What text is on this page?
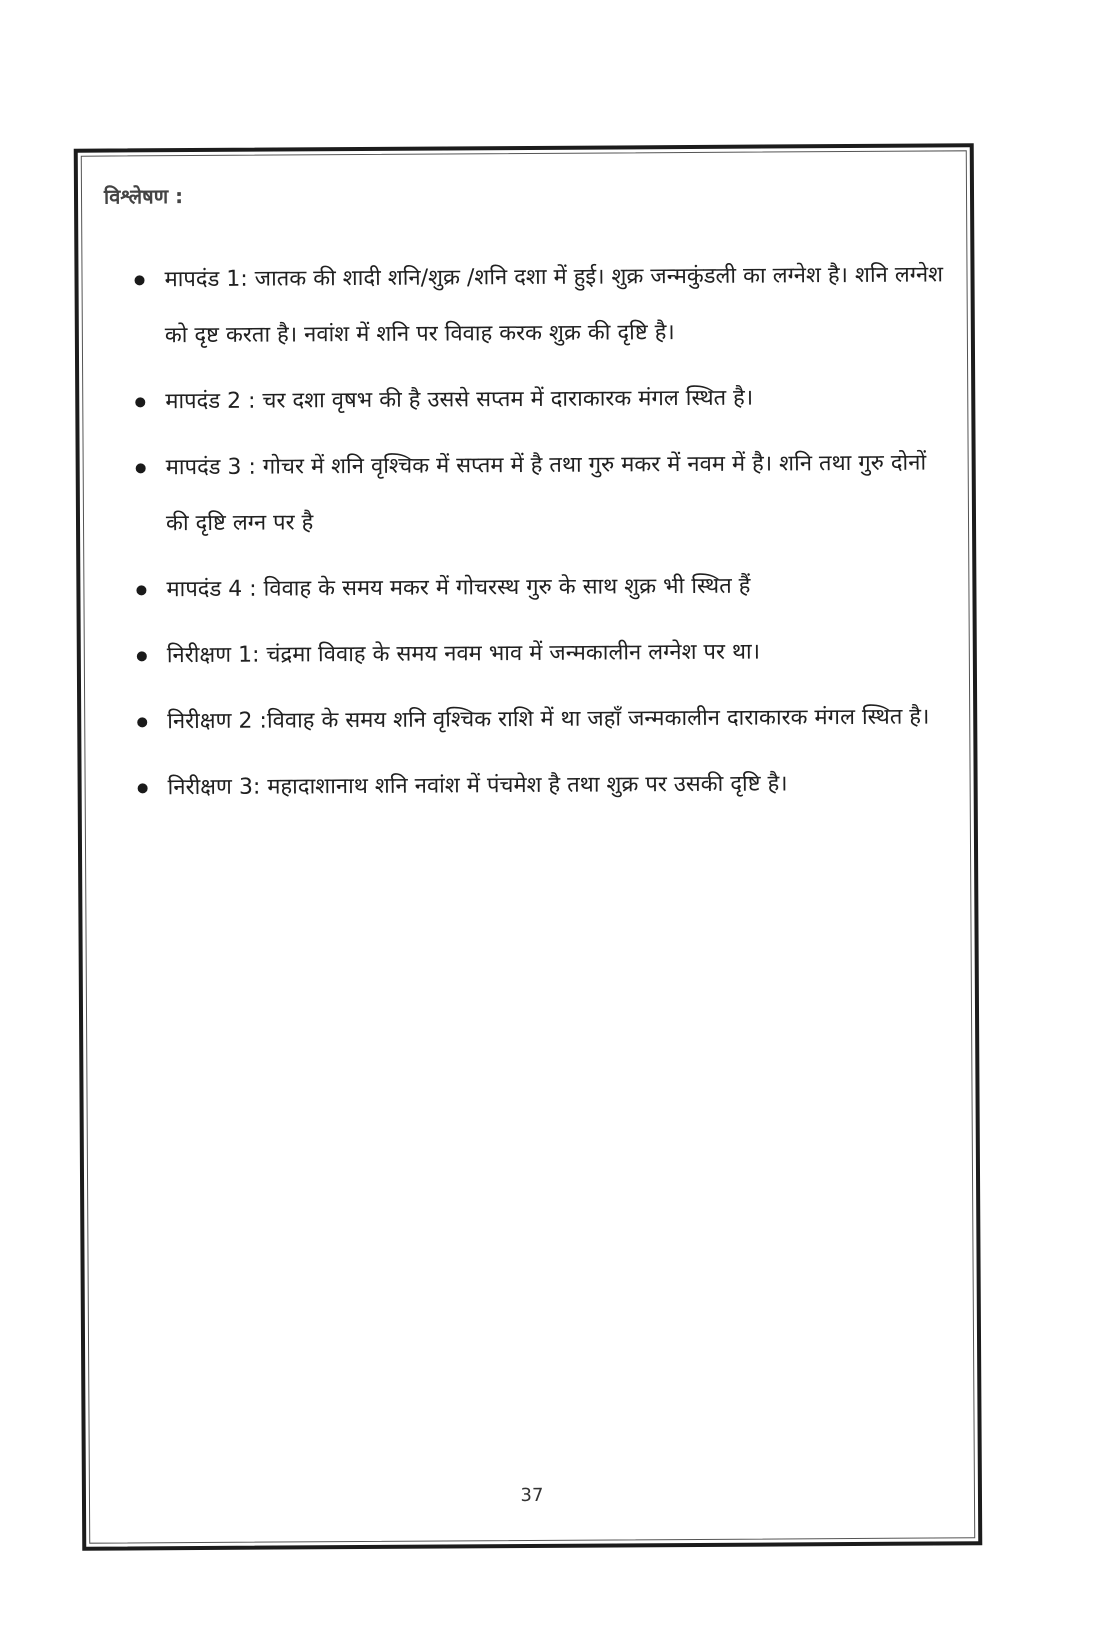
विश्लेषण :
मापदंड 1: जातक की शादी शनि/शुक्र /शनि दशा में हुई। शुक्र जन्मकुंडली का लग्नेश है। शनि लग्नेश को दृष्ट करता है। नवांश में शनि पर विवाह करक शुक्र की दृष्टि है।
मापदंड 2 : चर दशा वृषभ की है उससे सप्तम में दाराकारक मंगल स्थित है।
मापदंड 3 : गोचर में शनि वृश्चिक में सप्तम में है तथा गुरु मकर में नवम में है। शनि तथा गुरु दोनों की दृष्टि लग्न पर है
मापदंड 4 : विवाह के समय मकर में गोचरस्थ गुरु के साथ शुक्र भी स्थित हैं
निरीक्षण 1: चंद्रमा विवाह के समय नवम भाव में जन्मकालीन लग्नेश पर था।
निरीक्षण 2 :विवाह के समय शनि वृश्चिक राशि में था जहाँ जन्मकालीन दाराकारक मंगल स्थित है।
निरीक्षण 3: महादाशानाथ शनि नवांश में पंचमेश है तथा शुक्र पर उसकी दृष्टि है।
37
